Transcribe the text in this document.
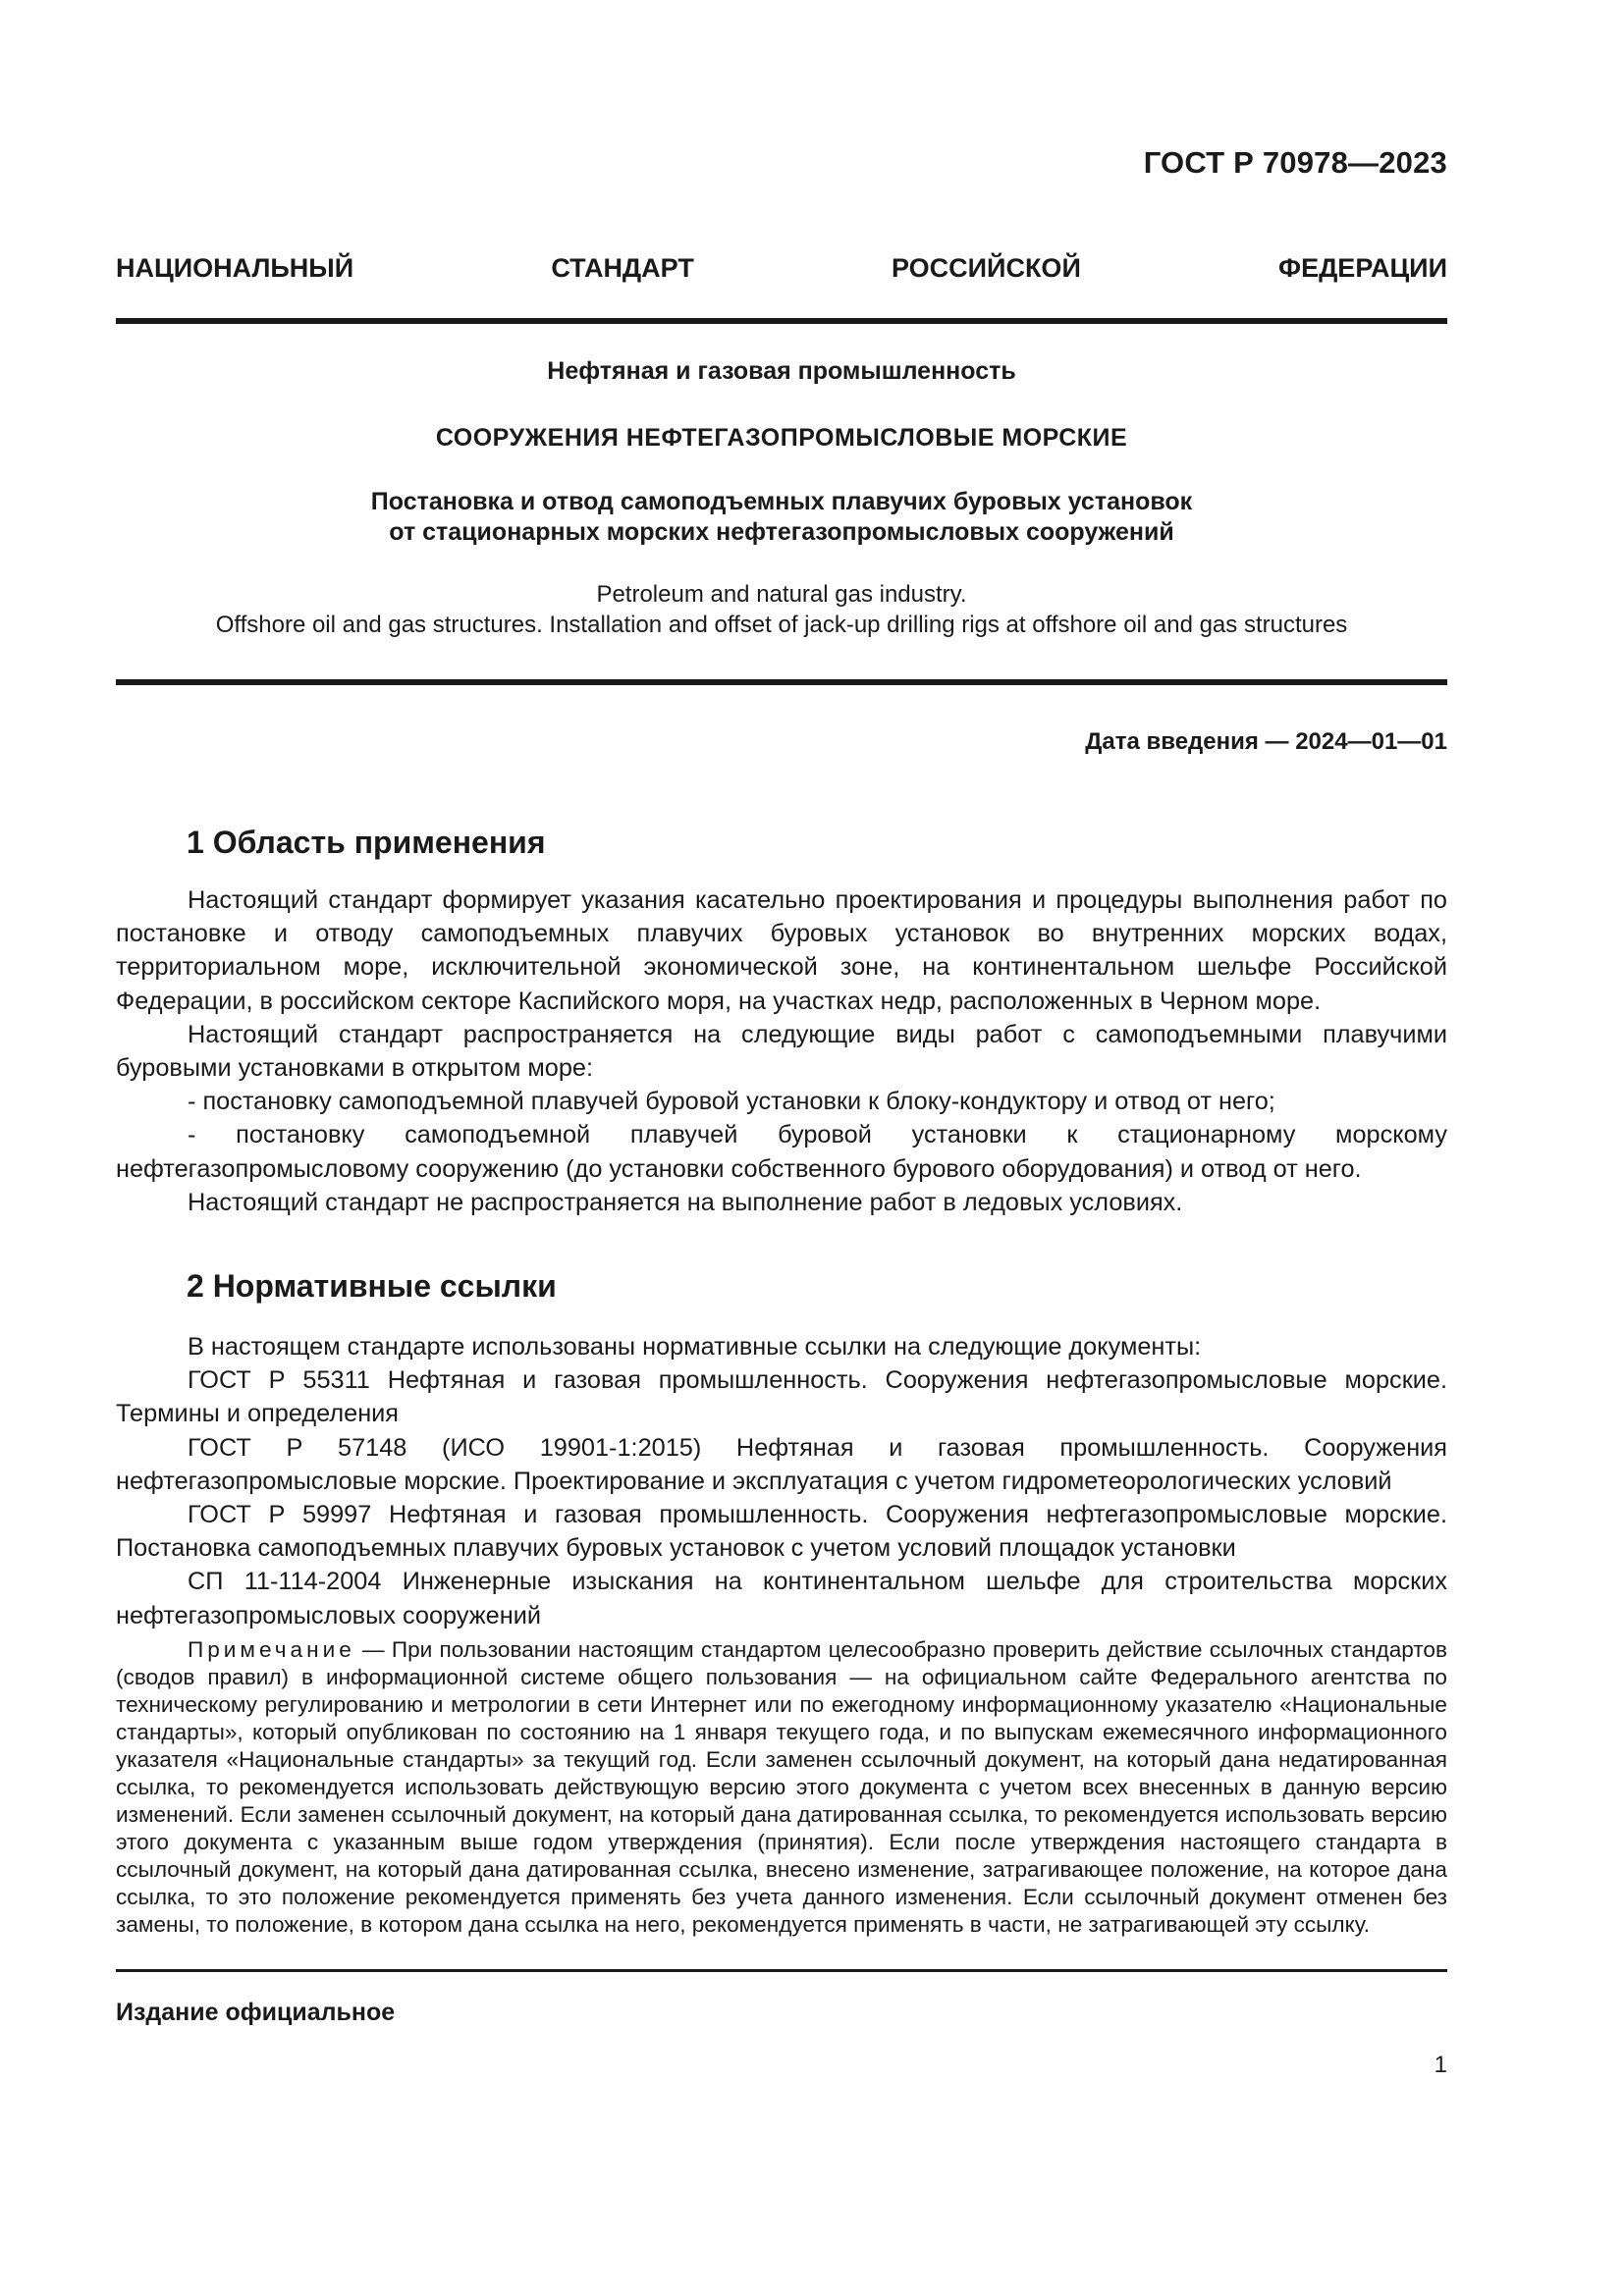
ГОСТ Р 70978—2023
НАЦИОНАЛЬНЫЙ СТАНДАРТ РОССИЙСКОЙ ФЕДЕРАЦИИ
Нефтяная и газовая промышленность
СООРУЖЕНИЯ НЕФТЕГАЗОПРОМЫСЛОВЫЕ МОРСКИЕ
Постановка и отвод самоподъемных плавучих буровых установок
от стационарных морских нефтегазопромысловых сооружений
Petroleum and natural gas industry.
Offshore oil and gas structures. Installation and offset of jack-up drilling rigs at offshore oil and gas structures
Дата введения — 2024—01—01
1 Область применения

Настоящий стандарт формирует указания касательно проектирования и процедуры выполнения работ по постановке и отводу самоподъемных плавучих буровых установок во внутренних морских водах, территориальном море, исключительной экономической зоне, на континентальном шельфе Российской Федерации, в российском секторе Каспийского моря, на участках недр, расположенных в Черном море.

Настоящий стандарт распространяется на следующие виды работ с самоподъемными плавучими буровыми установками в открытом море:

- постановку самоподъемной плавучей буровой установки к блоку-кондуктору и отвод от него;

- постановку самоподъемной плавучей буровой установки к стационарному морскому нефтегазопромысловому сооружению (до установки собственного бурового оборудования) и отвод от него.

Настоящий стандарт не распространяется на выполнение работ в ледовых условиях.

2 Нормативные ссылки

В настоящем стандарте использованы нормативные ссылки на следующие документы:

ГОСТ Р 55311 Нефтяная и газовая промышленность. Сооружения нефтегазопромысловые морские. Термины и определения

ГОСТ Р 57148 (ИСО 19901-1:2015) Нефтяная и газовая промышленность. Сооружения нефтегазопромысловые морские. Проектирование и эксплуатация с учетом гидрометеорологических условий

ГОСТ Р 59997 Нефтяная и газовая промышленность. Сооружения нефтегазопромысловые морские. Постановка самоподъемных плавучих буровых установок с учетом условий площадок установки

СП 11-114-2004 Инженерные изыскания на континентальном шельфе для строительства морских нефтегазопромысловых сооружений

Примечание — При пользовании настоящим стандартом целесообразно проверить действие ссылочных стандартов (сводов правил) в информационной системе общего пользования — на официальном сайте Федерального агентства по техническому регулированию и метрологии в сети Интернет или по ежегодному информационному указателю «Национальные стандарты», который опубликован по состоянию на 1 января текущего года, и по выпускам ежемесячного информационного указателя «Национальные стандарты» за текущий год. Если заменен ссылочный документ, на который дана недатированная ссылка, то рекомендуется использовать действующую версию этого документа с учетом всех внесенных в данную версию изменений. Если заменен ссылочный документ, на который дана датированная ссылка, то рекомендуется использовать версию этого документа с указанным выше годом утверждения (принятия). Если после утверждения настоящего стандарта в ссылочный документ, на который дана датированная ссылка, внесено изменение, затрагивающее положение, на которое дана ссылка, то это положение рекомендуется применять без учета данного изменения. Если ссылочный документ отменен без замены, то положение, в котором дана ссылка на него, рекомендуется применять в части, не затрагивающей эту ссылку.

Издание официальное
1
